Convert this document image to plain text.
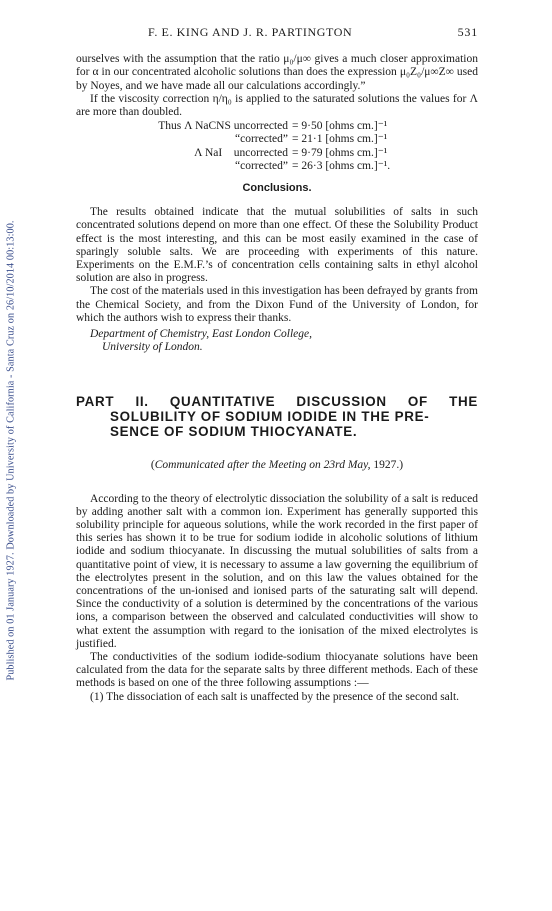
Published on 01 January 1927. Downloaded by University of California - Santa Cruz on 26/10/2014 00:13:00.
F. E. KING AND J. R. PARTINGTON	531

ourselves with the assumption that the ratio μ₀/μ∞ gives a much closer approximation for α in our concentrated alcoholic solutions than does the expression μ₀Z₀/μ∞Z∞ used by Noyes, and we have made all our calculations accordingly.”

If the viscosity correction η/η₀ is applied to the saturated solutions the values for Λ are more than doubled.

Thus Λ NaCNS uncorrected = 9·50 [ohms cm.]⁻¹
“corrected” = 21·1 [ohms cm.]⁻¹
Λ NaI    uncorrected = 9·79 [ohms cm.]⁻¹
“corrected” = 26·3 [ohms cm.]⁻¹.
Conclusions.

The results obtained indicate that the mutual solubilities of salts in such concentrated solutions depend on more than one effect. Of these the Solubility Product effect is the most interesting, and this can be most easily examined in the case of sparingly soluble salts. We are proceeding with experiments of this nature. Experiments on the E.M.F.’s of concentration cells containing salts in ethyl alcohol solution are also in progress.

The cost of the materials used in this investigation has been defrayed by grants from the Chemical Society, and from the Dixon Fund of the University of London, for which the authors wish to express their thanks.

Department of Chemistry, East London College,
University of London.
PART II. QUANTITATIVE DISCUSSION OF THE
SOLUBILITY OF SODIUM IODIDE IN THE PRE-
SENCE OF SODIUM THIOCYANATE.
(Communicated after the Meeting on 23rd May, 1927.)

According to the theory of electrolytic dissociation the solubility of a salt is reduced by adding another salt with a common ion. Experiment has generally supported this solubility principle for aqueous solutions, while the work recorded in the first paper of this series has shown it to be true for sodium iodide in alcoholic solutions of lithium iodide and sodium thiocyanate. In discussing the mutual solubilities of salts from a quantitative point of view, it is necessary to assume a law governing the equilibrium of the electrolytes present in the solution, and on this law the values obtained for the concentrations of the un-ionised and ionised parts of the saturating salt will depend. Since the conductivity of a solution is determined by the concentrations of the various ions, a comparison between the observed and calculated conductivities will show to what extent the assumption with regard to the ionisation of the mixed electrolytes is justified.

The conductivities of the sodium iodide-sodium thiocyanate solutions have been calculated from the data for the separate salts by three different methods. Each of these methods is based on one of the three following assumptions :—

(1) The dissociation of each salt is unaffected by the presence of the second salt.
